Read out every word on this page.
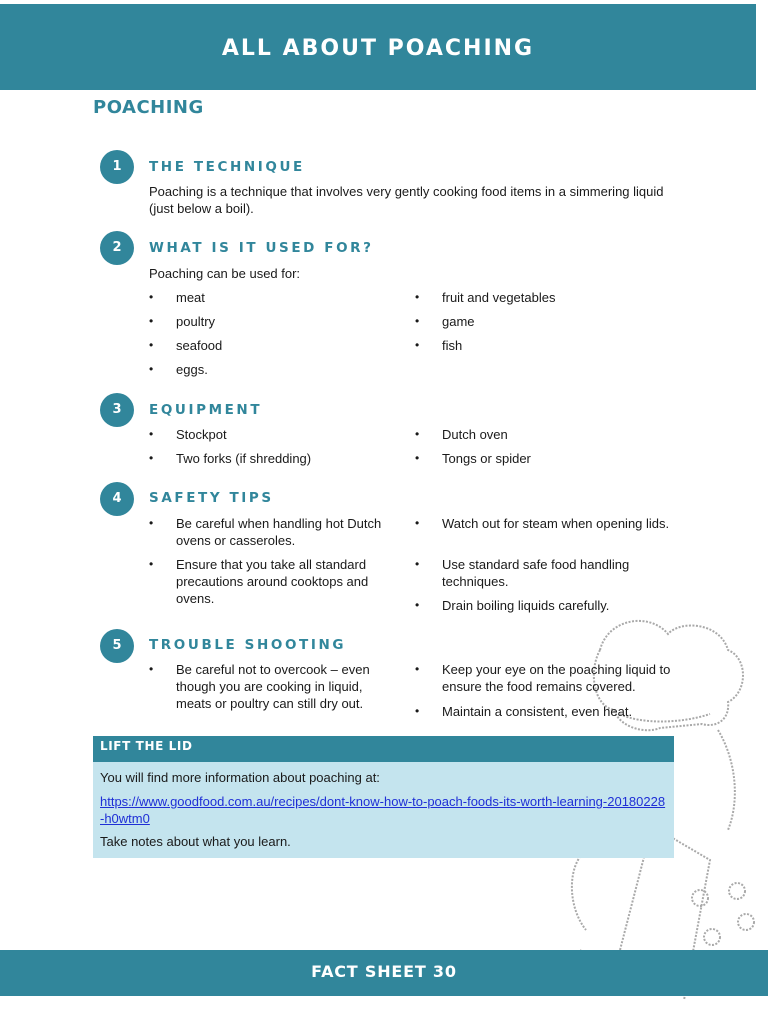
ALL ABOUT POACHING
POACHING
1	THE TECHNIQUE

Poaching is a technique that involves very gently cooking food items in a simmering liquid (just below a boil).

2	WHAT IS IT USED FOR?

Poaching can be used for:

• meat
• poultry
• seafood
• eggs.
• fruit and vegetables
• game
• fish
3	EQUIPMENT
• Stockpot
• Two forks (if shredding)
• Dutch oven
• Tongs or spider
4	SAFETY TIPS
• Be careful when handling hot Dutch ovens or casseroles.
• Ensure that you take all standard precautions around cooktops and ovens.
• Watch out for steam when opening lids.
• Use standard safe food handling techniques.
• Drain boiling liquids carefully.
5	TROUBLE SHOOTING
• Be careful not to overcook – even though you are cooking in liquid, meats or poultry can still dry out.
• Keep your eye on the poaching liquid to ensure the food remains covered.
• Maintain a consistent, even heat.
LIFT THE LID
You will find more information about poaching at:
https://www.goodfood.com.au/recipes/dont-know-how-to-poach-foods-its-worth-learning-20180228-h0wtm0
Take notes about what you learn.
FACT SHEET 30
